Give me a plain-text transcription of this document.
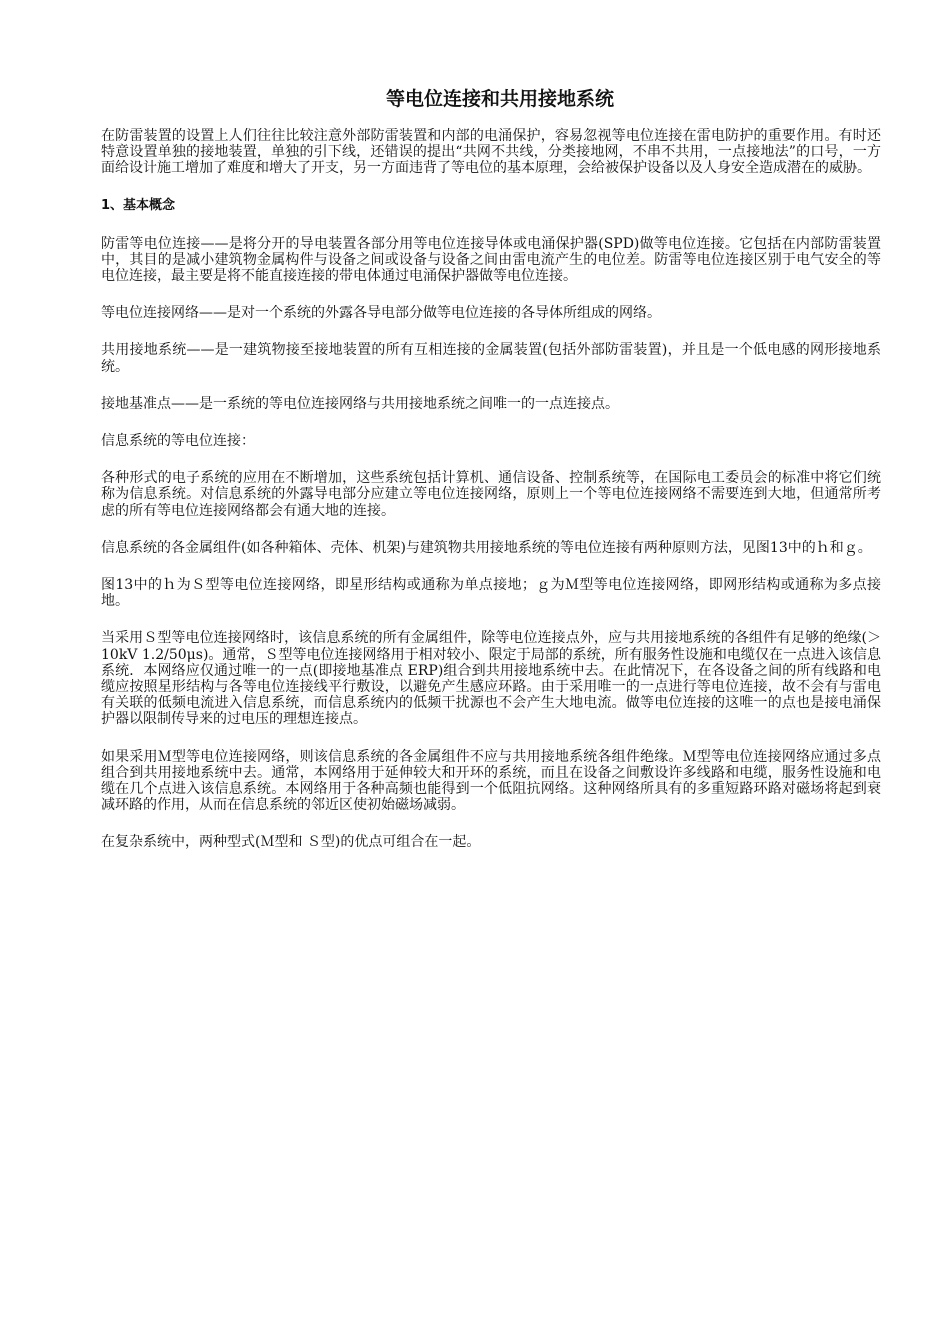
等电位连接和共用接地系统

在防雷装置的设置上人们往往比较注意外部防雷装置和内部的电涌保护，容易忽视等电位连接在雷电防护的重要作用。有时还特意设置单独的接地装置，单独的引下线，还错误的提出“共网不共线，分类接地网，不串不共用，一点接地法”的口号，一方面给设计施工增加了难度和增大了开支，另一方面违背了等电位的基本原理，会给被保护设备以及人身安全造成潜在的威胁。

1、基本概念

防雷等电位连接——是将分开的导电装置各部分用等电位连接导体或电涌保护器(SPD)做等电位连接。它包括在内部防雷装置中，其目的是减小建筑物金属构件与设备之间或设备与设备之间由雷电流产生的电位差。防雷等电位连接区别于电气安全的等电位连接，最主要是将不能直接连接的带电体通过电涌保护器做等电位连接。

等电位连接网络——是对一个系统的外露各导电部分做等电位连接的各导体所组成的网络。

共用接地系统——是一建筑物接至接地装置的所有互相连接的金属装置(包括外部防雷装置)，并且是一个低电感的网形接地系统。

接地基准点——是一系统的等电位连接网络与共用接地系统之间唯一的一点连接点。

信息系统的等电位连接：

各种形式的电子系统的应用在不断增加，这些系统包括计算机、通信设备、控制系统等，在国际电工委员会的标准中将它们统称为信息系统。对信息系统的外露导电部分应建立等电位连接网络，原则上一个等电位连接网络不需要连到大地，但通常所考虑的所有等电位连接网络都会有通大地的连接。

信息系统的各金属组件(如各种箱体、壳体、机架)与建筑物共用接地系统的等电位连接有两种原则方法，见图13中的ｈ和ｇ。

图13中的ｈ为Ｓ型等电位连接网络，即星形结构或通称为单点接地；ｇ为Ｍ型等电位连接网络，即网形结构或通称为多点接地。

当采用Ｓ型等电位连接网络时，该信息系统的所有金属组件，除等电位连接点外，应与共用接地系统的各组件有足够的绝缘(＞10kV 1.2/50μs)。通常，Ｓ型等电位连接网络用于相对较小、限定于局部的系统，所有服务性设施和电缆仅在一点进入该信息系统．本网络应仅通过唯一的一点(即接地基准点 ERP)组合到共用接地系统中去。在此情况下，在各设备之间的所有线路和电缆应按照星形结构与各等电位连接线平行敷设，以避免产生感应环路。由于采用唯一的一点进行等电位连接，故不会有与雷电有关联的低频电流进入信息系统，而信息系统内的低频干扰源也不会产生大地电流。做等电位连接的这唯一的点也是接电涌保护器以限制传导来的过电压的理想连接点。

如果采用Ｍ型等电位连接网络，则该信息系统的各金属组件不应与共用接地系统各组件绝缘。Ｍ型等电位连接网络应通过多点组合到共用接地系统中去。通常，本网络用于延伸较大和开环的系统，而且在设备之间敷设许多线路和电缆，服务性设施和电缆在几个点进入该信息系统。本网络用于各种高频也能得到一个低阻抗网络。这种网络所具有的多重短路环路对磁场将起到衰减环路的作用，从而在信息系统的邻近区使初始磁场减弱。

在复杂系统中，两种型式(Ｍ型和 Ｓ型)的优点可组合在一起。
